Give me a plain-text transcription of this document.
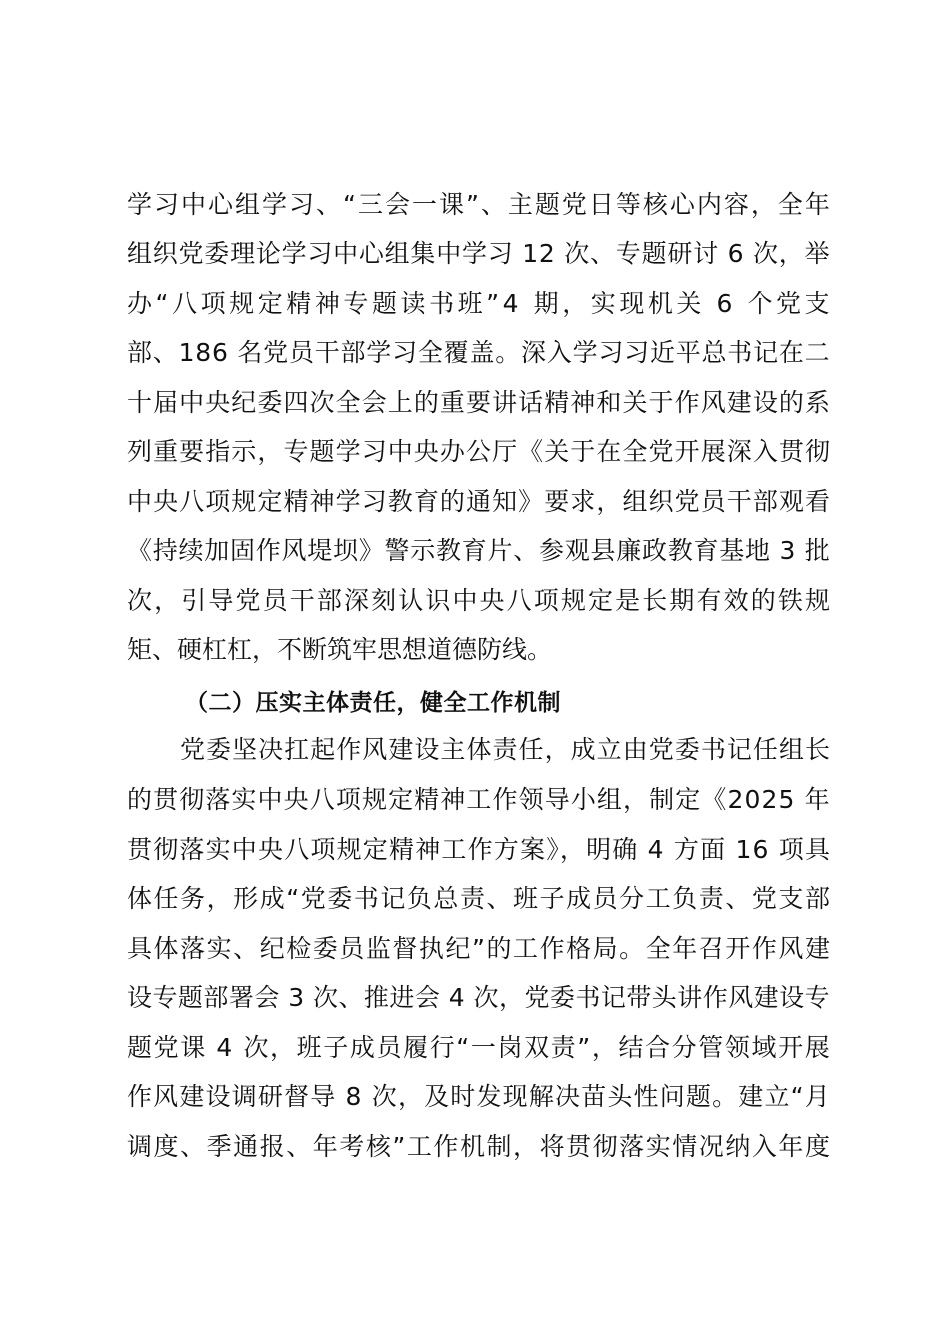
学习中心组学习、“三会一课”、主题党日等核心内容，全年
组织党委理论学习中心组集中学习 12 次、专题研讨 6 次，举
办“八项规定精神专题读书班”4 期，实现机关 6 个党支
部、186 名党员干部学习全覆盖。深入学习习近平总书记在二
十届中央纪委四次全会上的重要讲话精神和关于作风建设的系
列重要指示，专题学习中央办公厅《关于在全党开展深入贯彻
中央八项规定精神学习教育的通知》要求，组织党员干部观看
《持续加固作风堤坝》警示教育片、参观县廉政教育基地 3 批
次，引导党员干部深刻认识中央八项规定是长期有效的铁规
矩、硬杠杠，不断筑牢思想道德防线。
（二）压实主体责任，健全工作机制
党委坚决扛起作风建设主体责任，成立由党委书记任组长
的贯彻落实中央八项规定精神工作领导小组，制定《2025 年
贯彻落实中央八项规定精神工作方案》，明确 4 方面 16 项具
体任务，形成“党委书记负总责、班子成员分工负责、党支部
具体落实、纪检委员监督执纪”的工作格局。全年召开作风建
设专题部署会 3 次、推进会 4 次，党委书记带头讲作风建设专
题党课 4 次，班子成员履行“一岗双责”，结合分管领域开展
作风建设调研督导 8 次，及时发现解决苗头性问题。建立“月
调度、季通报、年考核”工作机制，将贯彻落实情况纳入年度
